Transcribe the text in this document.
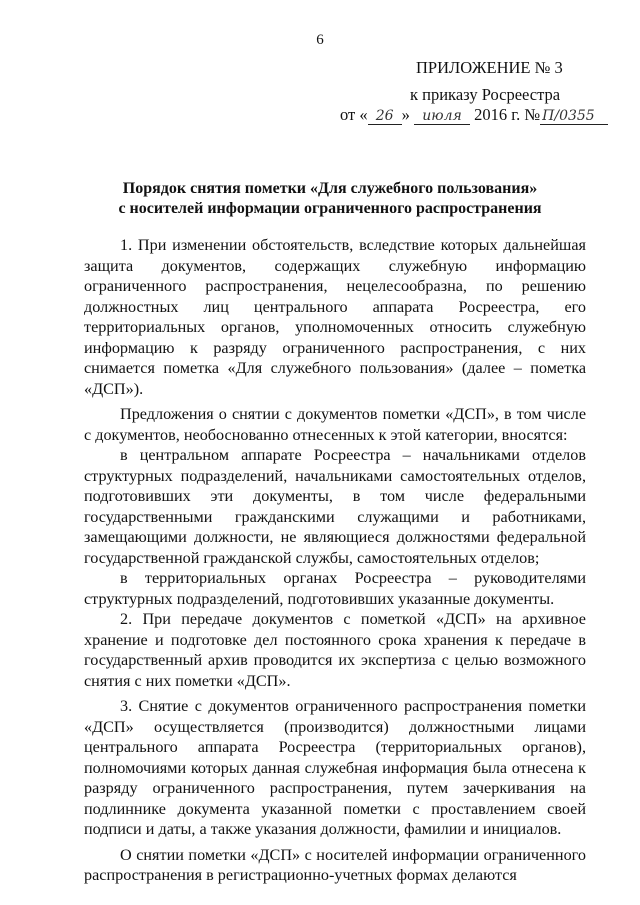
6
ПРИЛОЖЕНИЕ № 3
к приказу Росреестра
от « 26 » июля 2016 г. № П/0355
Порядок снятия пометки «Для служебного пользования»
с носителей информации ограниченного распространения

1. При изменении обстоятельств, вследствие которых дальнейшая защита документов, содержащих служебную информацию ограниченного распространения, нецелесообразна, по решению должностных лиц центрального аппарата Росреестра, его территориальных органов, уполномоченных относить служебную информацию к разряду ограниченного распространения, с них снимается пометка «Для служебного пользования» (далее – пометка «ДСП»).

Предложения о снятии с документов пометки «ДСП», в том числе с документов, необоснованно отнесенных к этой категории, вносятся:

в центральном аппарате Росреестра – начальниками отделов структурных подразделений, начальниками самостоятельных отделов, подготовивших эти документы, в том числе федеральными государственными гражданскими служащими и работниками, замещающими должности, не являющиеся должностями федеральной государственной гражданской службы, самостоятельных отделов;

в территориальных органах Росреестра – руководителями структурных подразделений, подготовивших указанные документы.

2. При передаче документов с пометкой «ДСП» на архивное хранение и подготовке дел постоянного срока хранения к передаче в государственный архив проводится их экспертиза с целью возможного снятия с них пометки «ДСП».

3. Снятие с документов ограниченного распространения пометки «ДСП» осуществляется (производится) должностными лицами центрального аппарата Росреестра (территориальных органов), полномочиями которых данная служебная информация была отнесена к разряду ограниченного распространения, путем зачеркивания на подлиннике документа указанной пометки с проставлением своей подписи и даты, а также указания должности, фамилии и инициалов.

О снятии пометки «ДСП» с носителей информации ограниченного распространения в регистрационно-учетных формах делаются
